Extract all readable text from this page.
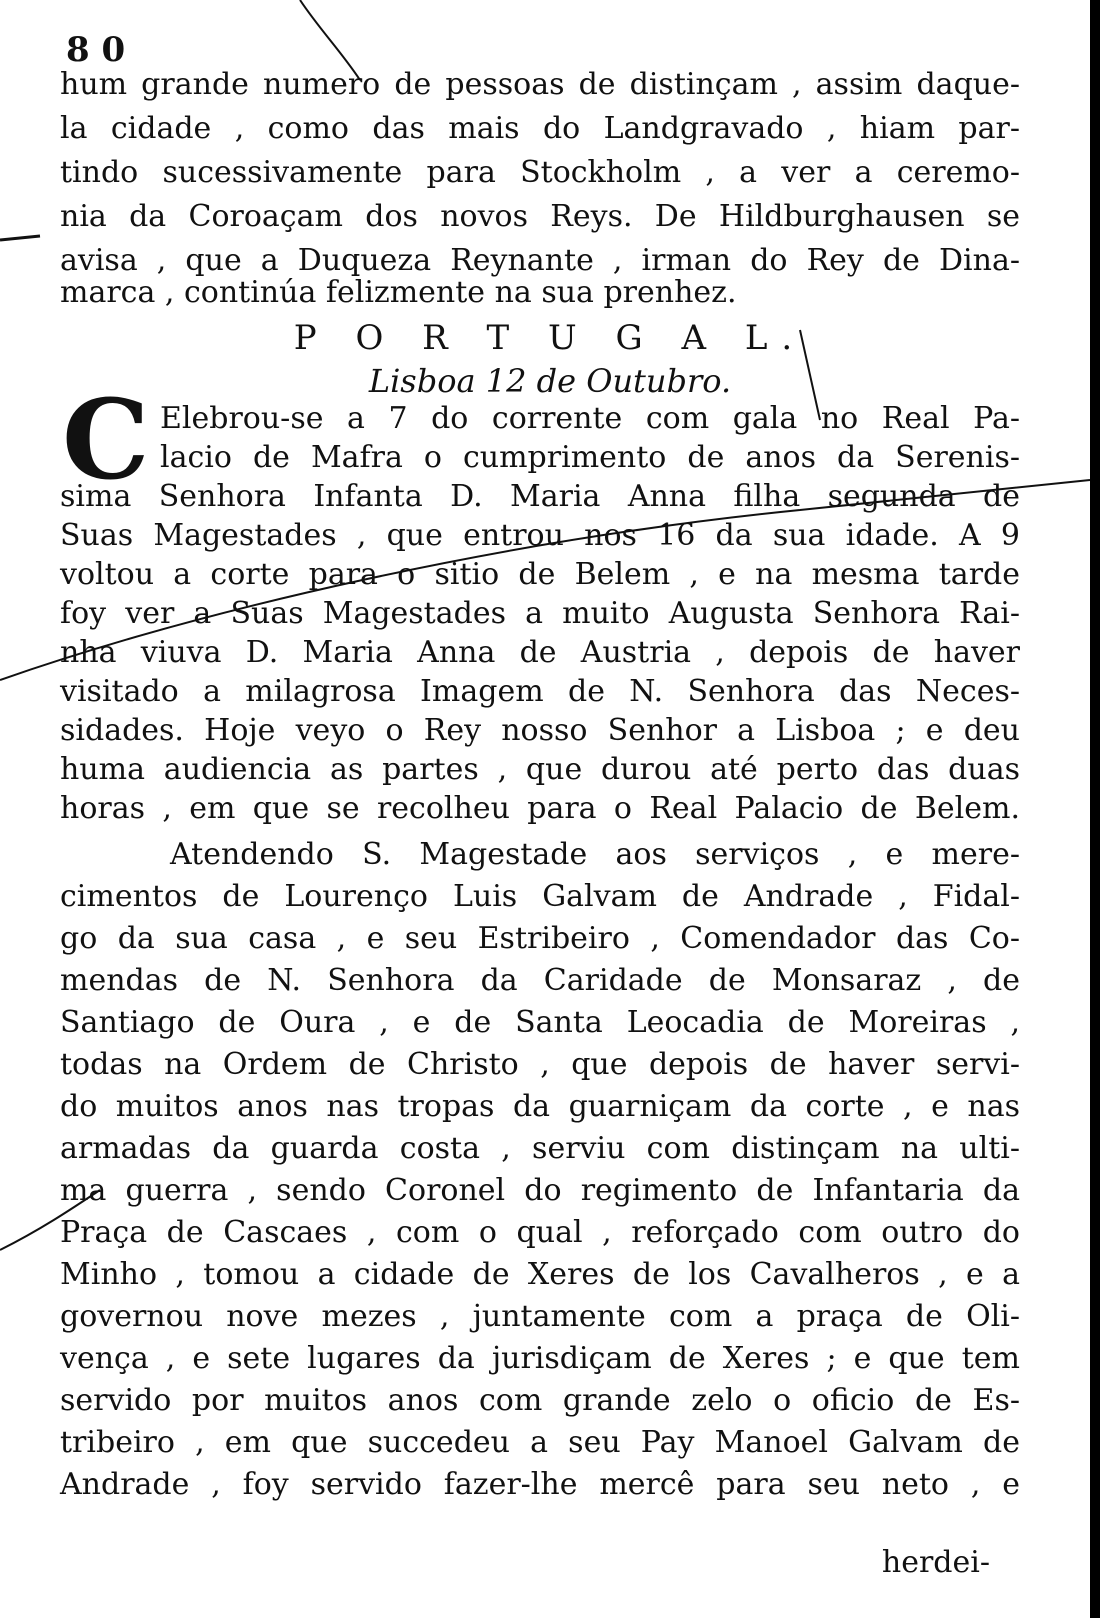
8 0
hum grande numero de pessoas de distinçam , assim daque-
la cidade , como das mais do Landgravado , hiam par-
tindo sucessivamente para Stockholm , a ver a ceremo-
nia da Coroaçam dos novos Reys. De Hildburghausen se
avisa , que a Duqueza Reynante , irman do Rey de Dina-
marca , continúa felizmente na sua prenhez.
P O R T U G A L.
Lisboa 12 de Outubro.
C Elebrou-se a 7 do corrente com gala no Real Pa-
lacio de Mafra o cumprimento de anos da Serenis-
sima Senhora Infanta D. Maria Anna filha segunda de
Suas Magestades , que entrou nos 16 da sua idade. A 9
voltou a corte para o sitio de Belem , e na mesma tarde
foy ver a Suas Magestades a muito Augusta Senhora Rai-
nha viuva D. Maria Anna de Austria , depois de haver
visitado a milagrosa Imagem de N. Senhora das Neces-
sidades. Hoje veyo o Rey nosso Senhor a Lisboa ; e deu
huma audiencia as partes , que durou até perto das duas
horas , em que se recolheu para o Real Palacio de Belem.
Atendendo S. Magestade aos serviços , e mere-
cimentos de Lourenço Luis Galvam de Andrade , Fidal-
go da sua casa , e seu Estribeiro , Comendador das Co-
mendas de N. Senhora da Caridade de Monsaraz , de
Santiago de Oura , e de Santa Leocadia de Moreiras ,
todas na Ordem de Christo , que depois de haver servi-
do muitos anos nas tropas da guarniçam da corte , e nas
armadas da guarda costa , serviu com distinçam na ulti-
ma guerra , sendo Coronel do regimento de Infantaria da
Praça de Cascaes , com o qual , reforçado com outro do
Minho , tomou a cidade de Xeres de los Cavalheros , e a
governou nove mezes , juntamente com a praça de Oli-
vença , e sete lugares da jurisdiçam de Xeres ; e que tem
servido por muitos anos com grande zelo o oficio de Es-
tribeiro , em que succedeu a seu Pay Manoel Galvam de
Andrade , foy servido fazer-lhe mercê para seu neto , e
herdei-
